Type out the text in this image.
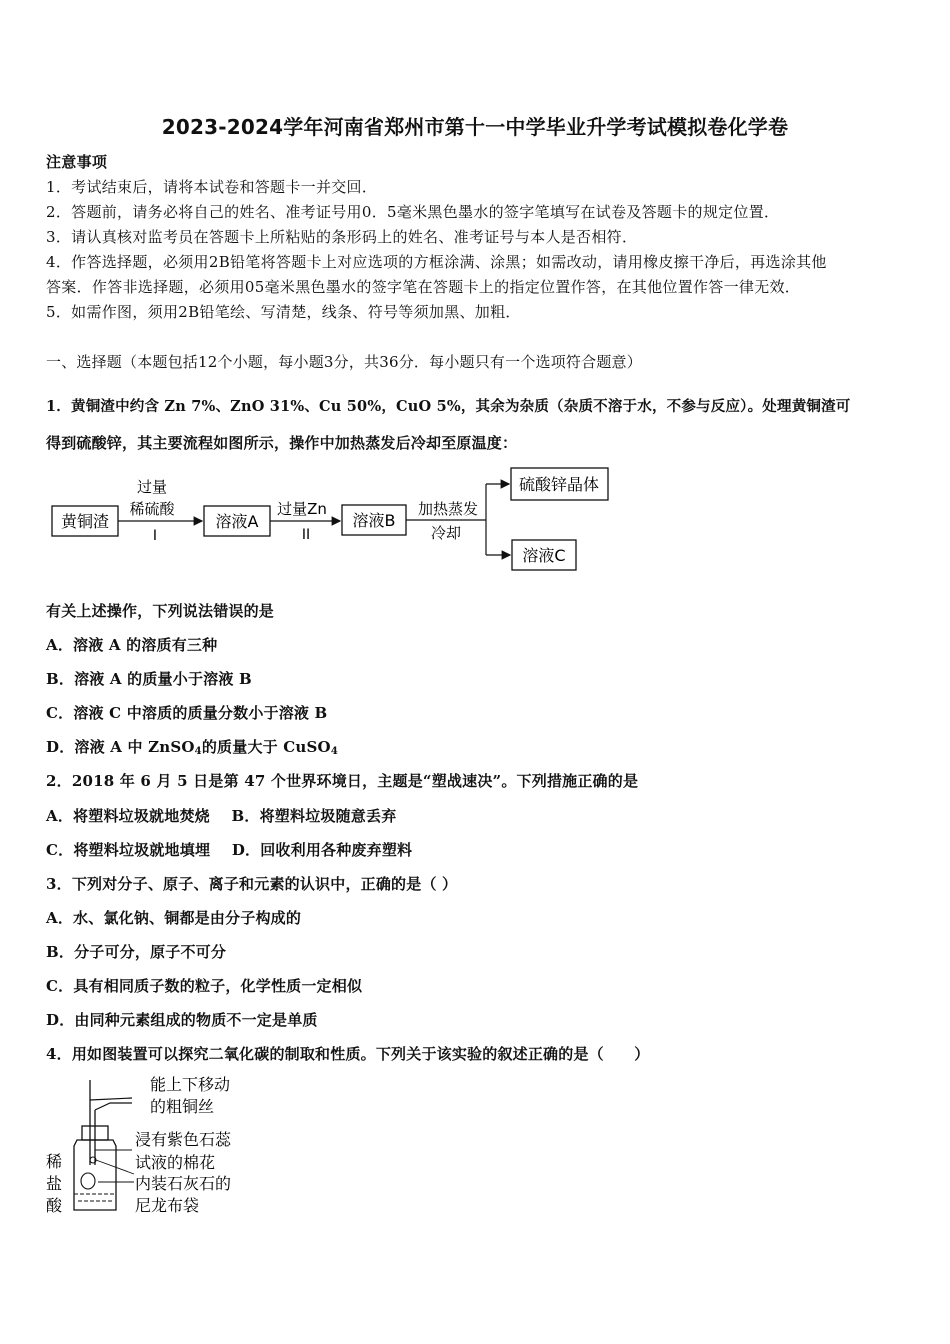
2023-2024学年河南省郑州市第十一中学毕业升学考试模拟卷化学卷
注意事项
1．考试结束后，请将本试卷和答题卡一并交回．
2．答题前，请务必将自己的姓名、准考证号用0．5毫米黑色墨水的签字笔填写在试卷及答题卡的规定位置．
3．请认真核对监考员在答题卡上所粘贴的条形码上的姓名、准考证号与本人是否相符．
4．作答选择题，必须用2B铅笔将答题卡上对应选项的方框涂满、涂黑；如需改动，请用橡皮擦干净后，再选涂其他
答案．作答非选择题，必须用05毫米黑色墨水的签字笔在答题卡上的指定位置作答，在其他位置作答一律无效．
5．如需作图，须用2B铅笔绘、写清楚，线条、符号等须加黑、加粗．
一、选择题（本题包括12个小题，每小题3分，共36分．每小题只有一个选项符合题意）
1．黄铜渣中约含 Zn 7%、ZnO 31%、Cu 50%，CuO 5%，其余为杂质（杂质不溶于水，不参与反应）。处理黄铜渣可
得到硫酸锌，其主要流程如图所示，操作中加热蒸发后冷却至原温度：
黄铜渣	溶液A	溶液B
硫酸锌晶体
溶液C
过量
稀硫酸
I
过量Zn
II
加热蒸发
冷却
有关上述操作，下列说法错误的是
A．溶液 A 的溶质有三种
B．溶液 A 的质量小于溶液 B
C．溶液 C 中溶质的质量分数小于溶液 B
D．溶液 A 中 ZnSO$_4$的质量大于 CuSO$_4$
2．2018 年 6 月 5 日是第 47 个世界环境日，主题是“塑战速决”。下列措施正确的是
A．将塑料垃圾就地焚烧    B．将塑料垃圾随意丢弃
C．将塑料垃圾就地填埋    D．回收利用各种废弃塑料
3．下列对分子、原子、离子和元素的认识中，正确的是（ ）
A．水、氯化钠、铜都是由分子构成的
B．分子可分，原子不可分
C．具有相同质子数的粒子，化学性质一定相似
D．由同种元素组成的物质不一定是单质
4．用如图装置可以探究二氧化碳的制取和性质。下列关于该实验的叙述正确的是（　　）
能上下移动
的粗铜丝
浸有紫色石蕊
试液的棉花
内装石灰石的
尼龙布袋
稀
盐
酸
